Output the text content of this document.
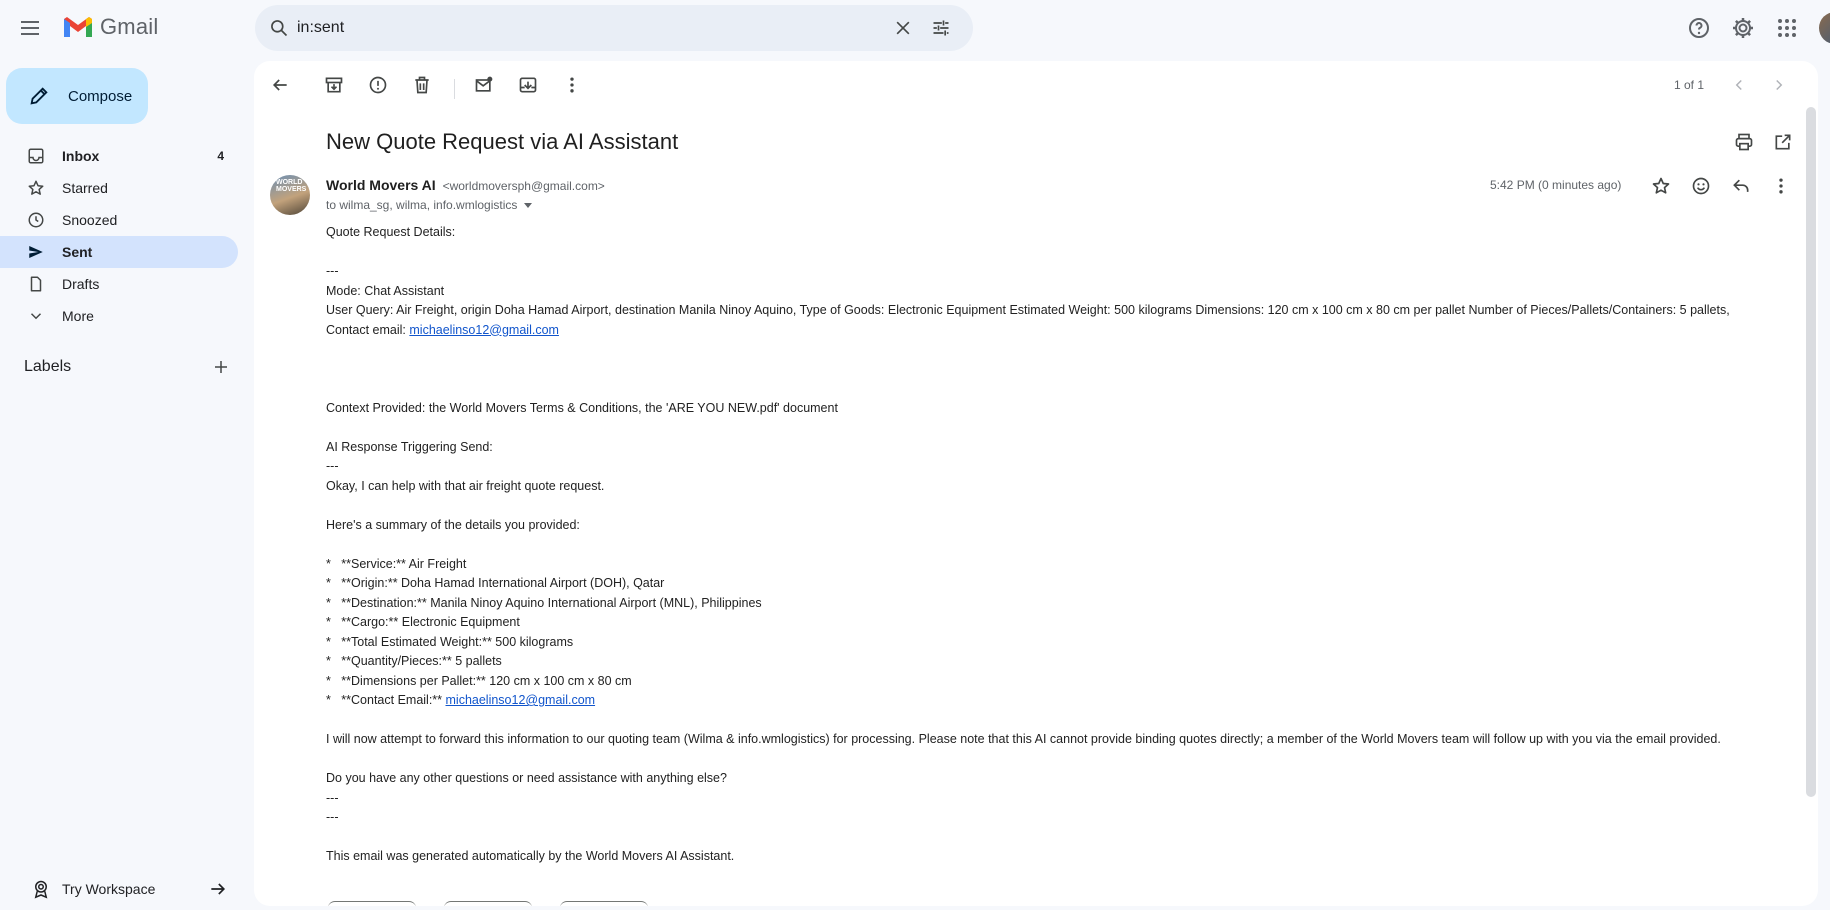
Gmail	in:sent
Compose
Inbox	4
Starred
Snoozed
Sent
Drafts
More
Labels
Try Workspace
1 of 1
New Quote Request via AI Assistant
WORLD MOVERS World Movers AI <worldmoversph@gmail.com>
to wilma_sg, wilma, info.wmlogistics
5:42 PM (0 minutes ago)

Quote Request Details:

---

Mode: Chat Assistant

User Query: Air Freight, origin Doha Hamad Airport, destination Manila Ninoy Aquino, Type of Goods: Electronic Equipment Estimated Weight: 500 kilograms Dimensions: 120 cm x 100 cm x 80 cm per pallet Number of Pieces/Pallets/Containers: 5 pallets, Contact email: michaelinso12@gmail.com

Context Provided: the World Movers Terms & Conditions, the 'ARE YOU NEW.pdf' document

AI Response Triggering Send:

---

Okay, I can help with that air freight quote request.

Here's a summary of the details you provided:

*   **Service:** Air Freight

*   **Origin:** Doha Hamad International Airport (DOH), Qatar

*   **Destination:** Manila Ninoy Aquino International Airport (MNL), Philippines

*   **Cargo:** Electronic Equipment

*   **Total Estimated Weight:** 500 kilograms

*   **Quantity/Pieces:** 5 pallets

*   **Dimensions per Pallet:** 120 cm x 100 cm x 80 cm

*   **Contact Email:** michaelinso12@gmail.com

I will now attempt to forward this information to our quoting team (Wilma & info.wmlogistics) for processing. Please note that this AI cannot provide binding quotes directly; a member of the World Movers team will follow up with you via the email provided.

Do you have any other questions or need assistance with anything else?

---

---

This email was generated automatically by the World Movers AI Assistant.
